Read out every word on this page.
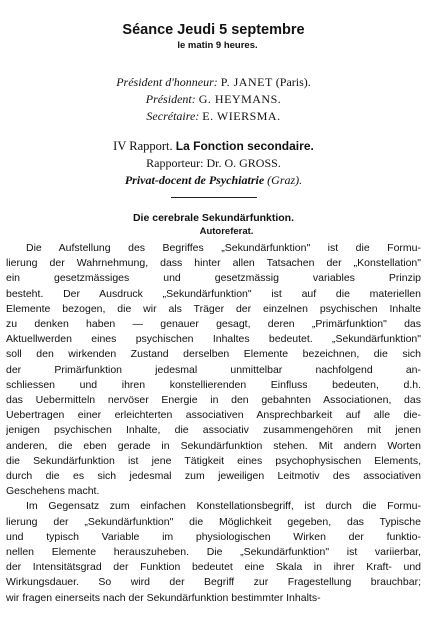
Séance Jeudi 5 septembre
le matin 9 heures.
Président d'honneur: P. JANET (Paris).
Président: G. HEYMANS.
Secrétaire: E. WIERSMA.
IV Rapport. La Fonction secondaire.
Rapporteur: Dr. O. GROSS.
Privat-docent de Psychiatrie (Graz).
Die cerebrale Sekundärfunktion.
Autoreferat.
Die Aufstellung des Begriffes „Sekundärfunktion" ist die Formu-
lierung der Wahrnehmung, dass hinter allen Tatsachen der „Konstellation"
ein gesetzmässiges und gesetzmässig variables Prinzip
besteht. Der Ausdruck „Sekundärfunktion" ist auf die materiellen
Elemente bezogen, die wir als Träger der einzelnen psychischen Inhalte
zu denken haben — genauer gesagt, deren „Primärfunktion" das
Aktuellwerden eines psychischen Inhaltes bedeutet. „Sekundärfunktion"
soll den wirkenden Zustand derselben Elemente bezeichnen, die sich
der Primärfunktion jedesmal unmittelbar nachfolgend an-
schliessen und ihren konstellierenden Einfluss bedeuten, d.h.
das Uebermitteln nervöser Energie in den gebahnten Associationen, das
Uebertragen einer erleichterten associativen Ansprechbarkeit auf alle die-
jenigen psychischen Inhalte, die associativ zusammengehören mit jenen
anderen, die eben gerade in Sekundärfunktion stehen. Mit andern Worten
die Sekundärfunktion ist jene Tätigkeit eines psychophysischen Elements,
durch die es sich jedesmal zum jeweiligen Leitmotiv des associativen
Geschehens macht.
Im Gegensatz zum einfachen Konstellationsbegriff, ist durch die Formu-
lierung der „Sekundärfunktion" die Möglichkeit gegeben, das Typische
und typisch Variable im physiologischen Wirken der funktio-
nellen Elemente herauszuheben. Die „Sekundärfunktion" ist variierbar,
der Intensitätsgrad der Funktion bedeutet eine Skala in ihrer Kraft- und
Wirkungsdauer. So wird der Begriff zur Fragestellung brauchbar;
wir fragen einerseits nach der Sekundärfunktion bestimmter Inhalts-
